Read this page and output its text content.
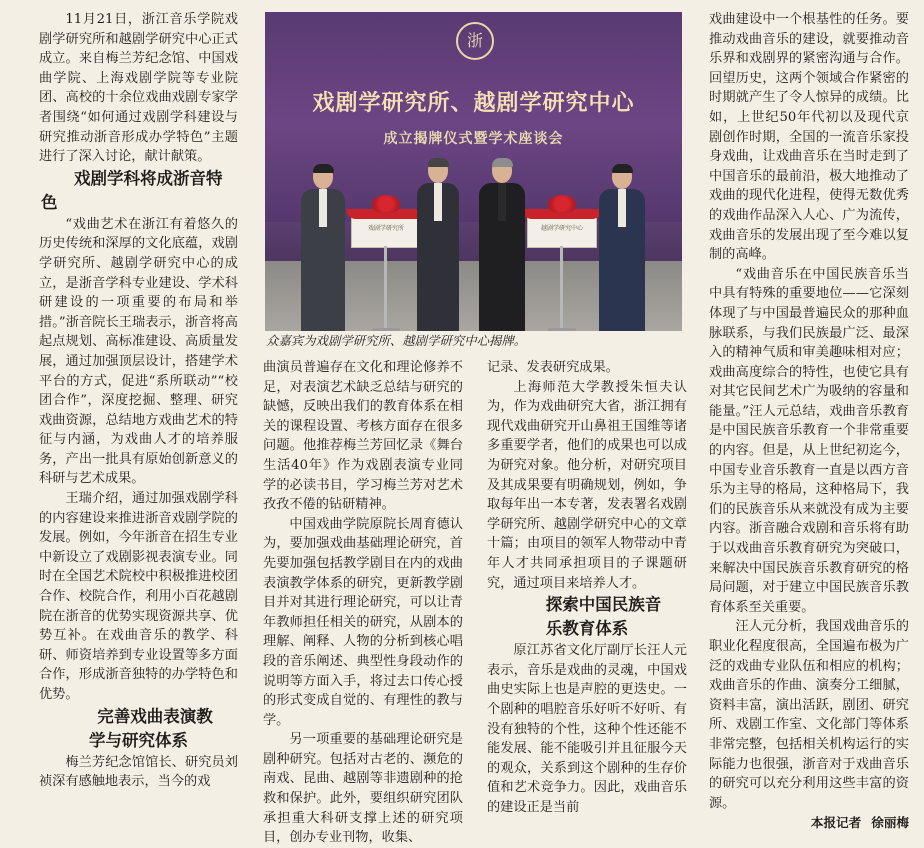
11月21日，浙江音乐学院戏剧学研究所和越剧学研究中心正式成立。来自梅兰芳纪念馆、中国戏曲学院、上海戏剧学院等专业院团、高校的十余位戏曲戏剧专家学者围绕“如何通过戏剧学科建设与研究推动浙音形成办学特色”主题进行了深入讨论，献计献策。

戏剧学科将成浙音特色

“戏曲艺术在浙江有着悠久的历史传统和深厚的文化底蕴，戏剧学研究所、越剧学研究中心的成立，是浙音学科专业建设、学术科研建设的一项重要的布局和举措。”浙音院长王瑞表示，浙音将高起点规划、高标准建设、高质量发展，通过加强顶层设计，搭建学术平台的方式，促进“系所联动”“校团合作”，深度挖掘、整理、研究戏曲资源，总结地方戏曲艺术的特征与内涵，为戏曲人才的培养服务，产出一批具有原始创新意义的科研与艺术成果。

王瑞介绍，通过加强戏剧学科的内容建设来推进浙音戏剧学院的发展。例如，今年浙音在招生专业中新设立了戏剧影视表演专业。同时在全国艺术院校中积极推进校团合作、校院合作，利用小百花越剧院在浙音的优势实现资源共享、优势互补。在戏曲音乐的教学、科研、师资培养到专业设置等多方面合作，形成浙音独特的办学特色和优势。

完善戏曲表演教学与研究体系

梅兰芳纪念馆馆长、研究员刘祯深有感触地表示，当今的戏

浙
戏剧学研究所、越剧学研究中心
成立揭牌仪式暨学术座谈会
戏剧学研究所	越剧学研究中心
众嘉宾为戏剧学研究所、越剧学研究中心揭牌。

曲演员普遍存在文化和理论修养不足，对表演艺术缺乏总结与研究的缺憾，反映出我们的教育体系在相关的课程设置、考核方面存在很多问题。他推荐梅兰芳回忆录《舞台生活40年》作为戏剧表演专业同学的必读书目，学习梅兰芳对艺术孜孜不倦的钻研精神。

中国戏曲学院原院长周育德认为，要加强戏曲基础理论研究，首先要加强包括教学剧目在内的戏曲表演教学体系的研究，更新教学剧目并对其进行理论研究，可以让青年教师担任相关的研究，从剧本的理解、阐释、人物的分析到核心唱段的音乐阐述、典型性身段动作的说明等方面入手，将过去口传心授的形式变成自觉的、有理性的教与学。

另一项重要的基础理论研究是剧种研究。包括对古老的、濒危的南戏、昆曲、越剧等非遗剧种的抢救和保护。此外，要组织研究团队承担重大科研支撑上述的研究项目，创办专业刊物，收集、

记录、发表研究成果。

上海师范大学教授朱恒夫认为，作为戏曲研究大省，浙江拥有现代戏曲研究开山鼻祖王国维等诸多重要学者，他们的成果也可以成为研究对象。他分析，对研究项目及其成果要有明确规划，例如，争取每年出一本专著，发表署名戏剧学研究所、越剧学研究中心的文章十篇；由项目的领军人物带动中青年人才共同承担项目的子课题研究，通过项目来培养人才。

探索中国民族音乐教育体系

原江苏省文化厅副厅长汪人元表示，音乐是戏曲的灵魂，中国戏曲史实际上也是声腔的更迭史。一个剧种的唱腔音乐好听不好听、有没有独特的个性，这种个性还能不能发展、能不能吸引并且征服今天的观众，关系到这个剧种的生存价值和艺术竞争力。因此，戏曲音乐的建设正是当前

戏曲建设中一个根基性的任务。要推动戏曲音乐的建设，就要推动音乐界和戏剧界的紧密沟通与合作。回望历史，这两个领域合作紧密的时期就产生了令人惊异的成绩。比如，上世纪50年代初以及现代京剧创作时期，全国的一流音乐家投身戏曲，让戏曲音乐在当时走到了中国音乐的最前沿，极大地推动了戏曲的现代化进程，使得无数优秀的戏曲作品深入人心、广为流传，戏曲音乐的发展出现了至今难以复制的高峰。

“戏曲音乐在中国民族音乐当中具有特殊的重要地位——它深刻体现了与中国最普遍民众的那种血脉联系，与我们民族最广泛、最深入的精神气质和审美趣味相对应；戏曲高度综合的特性，也使它具有对其它民间艺术广为吸纳的容量和能量。”汪人元总结，戏曲音乐教育是中国民族音乐教育一个非常重要的内容。但是，从上世纪初迄今，中国专业音乐教育一直是以西方音乐为主导的格局，这种格局下，我们的民族音乐从来就没有成为主要内容。浙音融合戏剧和音乐将有助于以戏曲音乐教育研究为突破口，来解决中国民族音乐教育研究的格局问题，对于建立中国民族音乐教育体系至关重要。

汪人元分析，我国戏曲音乐的职业化程度很高，全国遍布极为广泛的戏曲专业队伍和相应的机构；戏曲音乐的作曲、演奏分工细腻，资料丰富，演出活跃，剧团、研究所、戏剧工作室、文化部门等体系非常完整，包括相关机构运行的实际能力也很强，浙音对于戏曲音乐的研究可以充分利用这些丰富的资源。

本报记者 徐丽梅
